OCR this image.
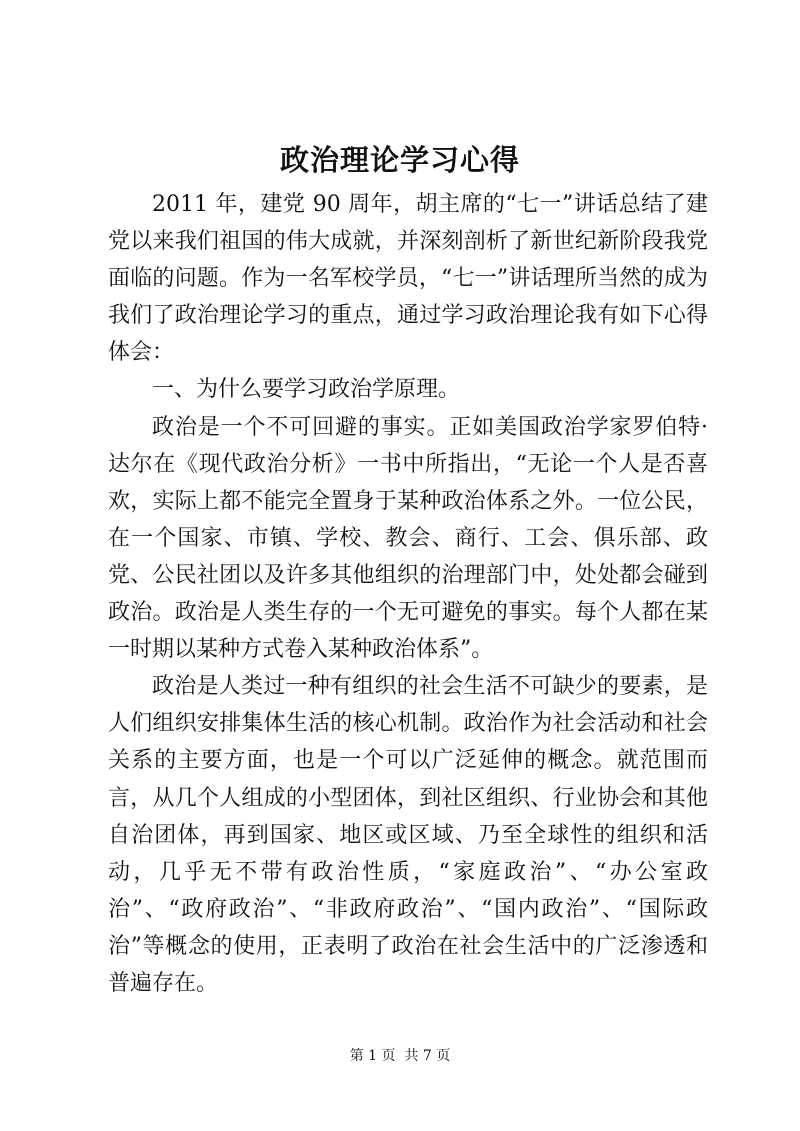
政治理论学习心得

2011 年，建党 90 周年，胡主席的“七一”讲话总结了建党以来我们祖国的伟大成就，并深刻剖析了新世纪新阶段我党面临的问题。作为一名军校学员，“七一”讲话理所当然的成为我们了政治理论学习的重点，通过学习政治理论我有如下心得体会：

一、为什么要学习政治学原理。

政治是一个不可回避的事实。正如美国政治学家罗伯特·达尔在《现代政治分析》一书中所指出，“无论一个人是否喜欢，实际上都不能完全置身于某种政治体系之外。一位公民，在一个国家、市镇、学校、教会、商行、工会、俱乐部、政党、公民社团以及许多其他组织的治理部门中，处处都会碰到政治。政治是人类生存的一个无可避免的事实。每个人都在某一时期以某种方式卷入某种政治体系”。

政治是人类过一种有组织的社会生活不可缺少的要素，是人们组织安排集体生活的核心机制。政治作为社会活动和社会关系的主要方面，也是一个可以广泛延伸的概念。就范围而言，从几个人组成的小型团体，到社区组织、行业协会和其他自治团体，再到国家、地区或区域、乃至全球性的组织和活动，几乎无不带有政治性质，“家庭政治”、“办公室政治”、“政府政治”、“非政府政治”、“国内政治”、“国际政治”等概念的使用，正表明了政治在社会生活中的广泛渗透和普遍存在。

第 1 页  共 7 页
